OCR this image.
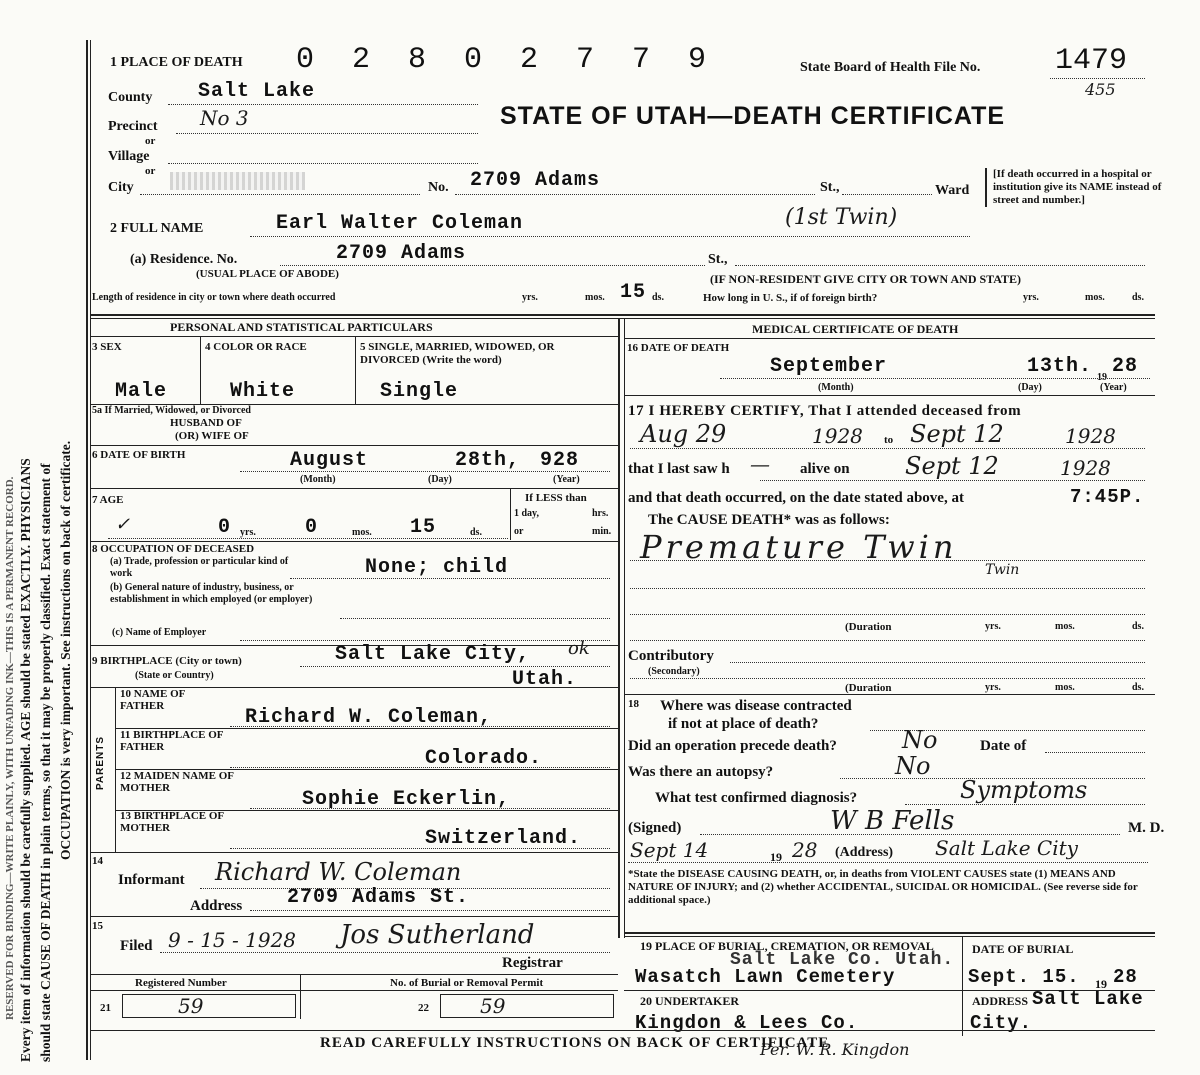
RESERVED FOR BINDING—WRITE PLAINLY, WITH UNFADING INK—THIS IS A PERMANENT RECORD. Every item of information should be carefully supplied. AGE should be stated EXACTLY. PHYSICIANS should state CAUSE OF DEATH in plain terms, so that it may be properly classified. Exact statement of OCCUPATION is very important. See instructions on back of certificate.
1 PLACE OF DEATH 0 2 8 0 2 7 7 9	State Board of Health File No. 1479
455
STATE OF UTAH—DEATH CERTIFICATE
County Salt Lake
Precinct No 3
or
Village
or
City	No. 2709 Adams	St.,	Ward
[If death occurred in a hospital or institution give its NAME instead of street and number.]
2 FULL NAME	Earl Walter Coleman	(1st Twin)
(a) Residence. No.	2709 Adams	St.,
(USUAL PLACE OF ABODE)	(IF NON-RESIDENT GIVE CITY OR TOWN AND STATE)
Length of residence in city or town where death occurred	yrs.	mos. 15 ds.	How long in U. S., if of foreign birth?	yrs.	mos.	ds.
PERSONAL AND STATISTICAL PARTICULARS	MEDICAL CERTIFICATE OF DEATH
3 SEX	4 COLOR OR RACE	5 SINGLE, MARRIED, WIDOWED, OR DIVORCED (Write the word)
Male	White	Single
5a If Married, Widowed, or Divorced
HUSBAND OF
(OR) WIFE OF
6 DATE OF BIRTH	August	28th, 928
(Month)	(Day)	(Year)
7 AGE
✓	0 yrs. 0	mos. 15	ds.
If LESS than
1 day,	hrs.
or	min.
8 OCCUPATION OF DECEASED
(a) Trade, profession or particular kind of work	None; child
(b) General nature of industry, business, or establishment in which employed (or employer)
(c) Name of Employer
9 BIRTHPLACE (City or town)	Salt Lake City, ok
(State or Country)	Utah.
PARENTS
10 NAME OF FATHER	Richard W. Coleman,
11 BIRTHPLACE OF FATHER	Colorado.
12 MAIDEN NAME OF MOTHER	Sophie Eckerlin,
13 BIRTHPLACE OF MOTHER	Switzerland.
14
Informant Richard W. Coleman
Address 2709 Adams St.
15
Filed 9 - 15 - 1928 Jos Sutherland
Registrar
Registered Number	No. of Burial or Removal Permit
21	59	22	59
16 DATE OF DEATH
September	13th. 19 28
(Month)	(Day)	(Year)
17 I HEREBY CERTIFY, That I attended deceased from
Aug 29	1928 to Sept 12	1928
that I last saw h — alive on Sept 12	1928
and that death occurred, on the date stated above, at	7:45P.
The CAUSE DEATH* was as follows:
Premature Twin
Twin
(Duration	yrs.	mos.	ds.
Contributory
(Secondary)
(Duration	yrs.	mos.	ds.
18 Where was disease contracted
if not at place of death?
Did an operation precede death?	No	Date of
Was there an autopsy?	No
What test confirmed diagnosis?	Symptoms
(Signed)	W B Fells	M. D.
Sept 14	19 28 (Address) Salt Lake City
*State the DISEASE CAUSING DEATH, or, in deaths from VIOLENT CAUSES state (1) MEANS AND NATURE OF INJURY; and (2) whether ACCIDENTAL, SUICIDAL OR HOMICIDAL. (See reverse side for additional space.)
19 PLACE OF BURIAL, CREMATION, OR REMOVAL
Salt Lake Co. Utah.
Wasatch Lawn Cemetery
DATE OF BURIAL
Sept. 15. 19 28
20 UNDERTAKER
Kingdon & Lees Co.
ADDRESS Salt Lake
City.
Per. W. R. Kingdon
READ CAREFULLY INSTRUCTIONS ON BACK OF CERTIFICATE
